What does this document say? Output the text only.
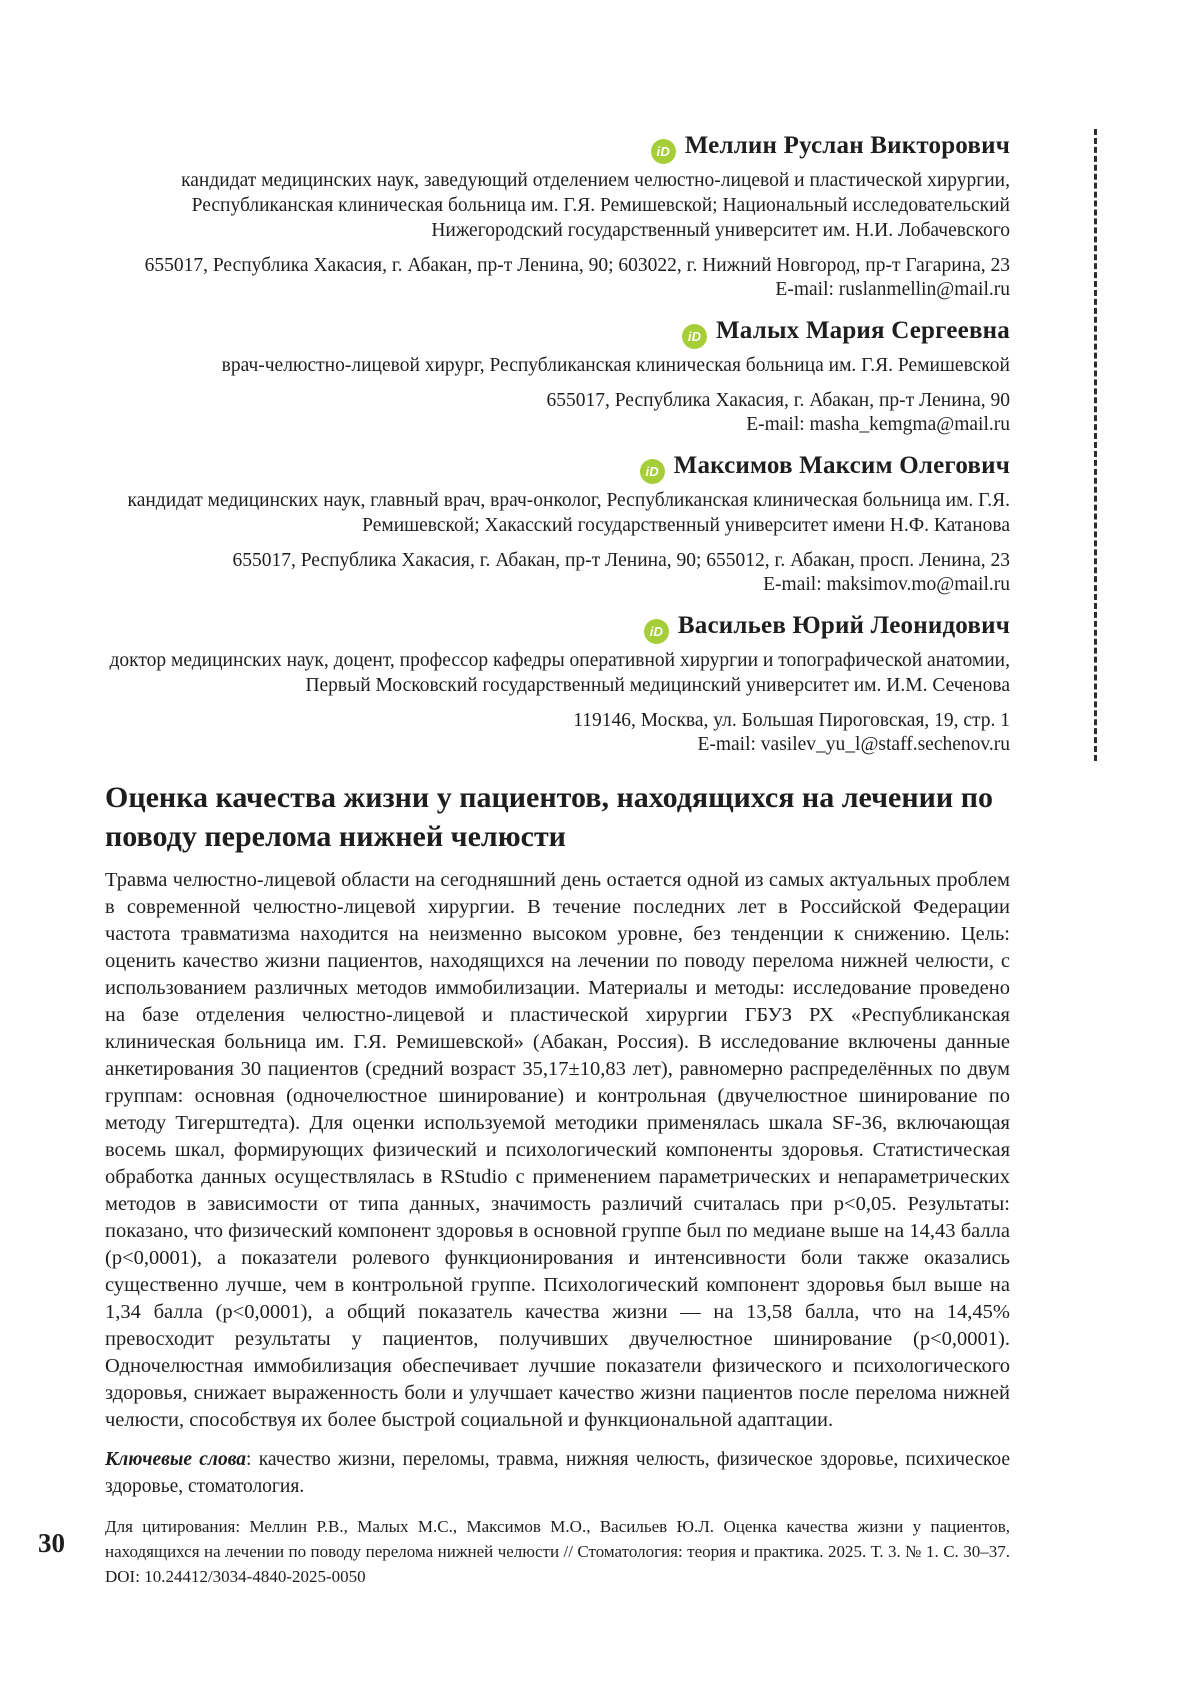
iD Меллин Руслан Викторович
кандидат медицинских наук, заведующий отделением челюстно-лицевой и пластической хирургии, Республиканская клиническая больница им. Г.Я. Ремишевской; Национальный исследовательский Нижегородский государственный университет им. Н.И. Лобачевского
655017, Республика Хакасия, г. Абакан, пр-т Ленина, 90; 603022, г. Нижний Новгород, пр-т Гагарина, 23
E-mail: ruslanmellin@mail.ru
iD Малых Мария Сергеевна
врач-челюстно-лицевой хирург, Республиканская клиническая больница им. Г.Я. Ремишевской
655017, Республика Хакасия, г. Абакан, пр-т Ленина, 90
E-mail: masha_kemgma@mail.ru
iD Максимов Максим Олегович
кандидат медицинских наук, главный врач, врач-онколог, Республиканская клиническая больница им. Г.Я. Ремишевской; Хакасский государственный университет имени Н.Ф. Катанова
655017, Республика Хакасия, г. Абакан, пр-т Ленина, 90; 655012, г. Абакан, просп. Ленина, 23
E-mail: maksimov.mo@mail.ru
iD Васильев Юрий Леонидович
доктор медицинских наук, доцент, профессор кафедры оперативной хирургии и топографической анатомии, Первый Московский государственный медицинский университет им. И.М. Сеченова
119146, Москва, ул. Большая Пироговская, 19, стр. 1
E-mail: vasilev_yu_l@staff.sechenov.ru
Оценка качества жизни у пациентов, находящихся на лечении по поводу перелома нижней челюсти
Травма челюстно-лицевой области на сегодняшний день остается одной из самых актуальных проблем в современной челюстно-лицевой хирургии. В течение последних лет в Российской Федерации частота травматизма находится на неизменно высоком уровне, без тенденции к снижению. Цель: оценить качество жизни пациентов, находящихся на лечении по поводу перелома нижней челюсти, с использованием различных методов иммобилизации. Материалы и методы: исследование проведено на базе отделения челюстно-лицевой и пластической хирургии ГБУЗ РХ «Республиканская клиническая больница им. Г.Я. Ремишевской» (Абакан, Россия). В исследование включены данные анкетирования 30 пациентов (средний возраст 35,17±10,83 лет), равномерно распределённых по двум группам: основная (одночелюстное шинирование) и контрольная (двучелюстное шинирование по методу Тигерштедта). Для оценки используемой методики применялась шкала SF-36, включающая восемь шкал, формирующих физический и психологический компоненты здоровья. Статистическая обработка данных осуществлялась в RStudio с применением параметрических и непараметрических методов в зависимости от типа данных, значимость различий считалась при p<0,05. Результаты: показано, что физический компонент здоровья в основной группе был по медиане выше на 14,43 балла (p<0,0001), а показатели ролевого функционирования и интенсивности боли также оказались существенно лучше, чем в контрольной группе. Психологический компонент здоровья был выше на 1,34 балла (p<0,0001), а общий показатель качества жизни — на 13,58 балла, что на 14,45% превосходит результаты у пациентов, получивших двучелюстное шинирование (p<0,0001). Одночелюстная иммобилизация обеспечивает лучшие показатели физического и психологического здоровья, снижает выраженность боли и улучшает качество жизни пациентов после перелома нижней челюсти, способствуя их более быстрой социальной и функциональной адаптации.
Ключевые слова: качество жизни, переломы, травма, нижняя челюсть, физическое здоровье, психическое здоровье, стоматология.
Для цитирования: Меллин Р.В., Малых М.С., Максимов М.О., Васильев Ю.Л. Оценка качества жизни у пациентов, находящихся на лечении по поводу перелома нижней челюсти // Стоматология: теория и практика. 2025. Т. 3. № 1. С. 30–37. DOI: 10.24412/3034-4840-2025-0050
30
